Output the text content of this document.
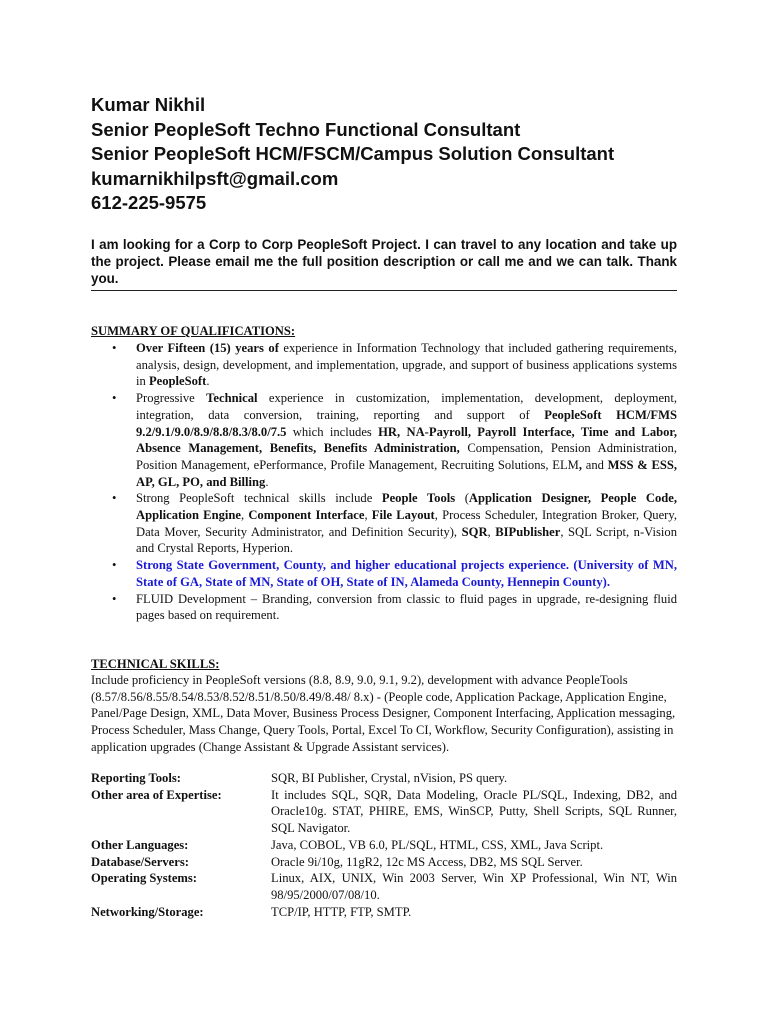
Kumar Nikhil
Senior PeopleSoft Techno Functional Consultant
Senior PeopleSoft HCM/FSCM/Campus Solution Consultant
kumarnikhilpsft@gmail.com
612-225-9575
I am looking for a Corp to Corp PeopleSoft Project. I can travel to any location and take up the project. Please email me the full position description or call me and we can talk. Thank you.
SUMMARY OF QUALIFICATIONS:
• Over Fifteen (15) years of experience in Information Technology that included gathering requirements, analysis, design, development, and implementation, upgrade, and support of business applications systems in PeopleSoft.
• Progressive Technical experience in customization, implementation, development, deployment, integration, data conversion, training, reporting and support of PeopleSoft HCM/FMS 9.2/9.1/9.0/8.9/8.8/8.3/8.0/7.5 which includes HR, NA-Payroll, Payroll Interface, Time and Labor, Absence Management, Benefits, Benefits Administration, Compensation, Pension Administration, Position Management, ePerformance, Profile Management, Recruiting Solutions, ELM, and MSS & ESS, AP, GL, PO, and Billing.
• Strong PeopleSoft technical skills include People Tools (Application Designer, People Code, Application Engine, Component Interface, File Layout, Process Scheduler, Integration Broker, Query, Data Mover, Security Administrator, and Definition Security), SQR, BIPublisher, SQL Script, n-Vision and Crystal Reports, Hyperion.
• Strong State Government, County, and higher educational projects experience. (University of MN, State of GA, State of MN, State of OH, State of IN, Alameda County, Hennepin County).
• FLUID Development – Branding, conversion from classic to fluid pages in upgrade, re-designing fluid pages based on requirement.
TECHNICAL SKILLS:
Include proficiency in PeopleSoft versions (8.8, 8.9, 9.0, 9.1, 9.2), development with advance PeopleTools (8.57/8.56/8.55/8.54/8.53/8.52/8.51/8.50/8.49/8.48/ 8.x) - (People code, Application Package, Application Engine, Panel/Page Design, XML, Data Mover, Business Process Designer, Component Interfacing, Application messaging, Process Scheduler, Mass Change, Query Tools, Portal, Excel To CI, Workflow, Security Configuration), assisting in application upgrades (Change Assistant & Upgrade Assistant services).
Reporting Tools:	SQR, BI Publisher, Crystal, nVision, PS query.
Other area of Expertise:	It includes SQL, SQR, Data Modeling, Oracle PL/SQL, Indexing, DB2, and Oracle10g. STAT, PHIRE, EMS, WinSCP, Putty, Shell Scripts, SQL Runner, SQL Navigator.
Other Languages:	Java, COBOL, VB 6.0, PL/SQL, HTML, CSS, XML, Java Script.
Database/Servers:	Oracle 9i/10g, 11gR2, 12c MS Access, DB2, MS SQL Server.
Operating Systems:	Linux, AIX, UNIX, Win 2003 Server, Win XP Professional, Win NT, Win 98/95/2000/07/08/10.
Networking/Storage:	TCP/IP, HTTP, FTP, SMTP.
